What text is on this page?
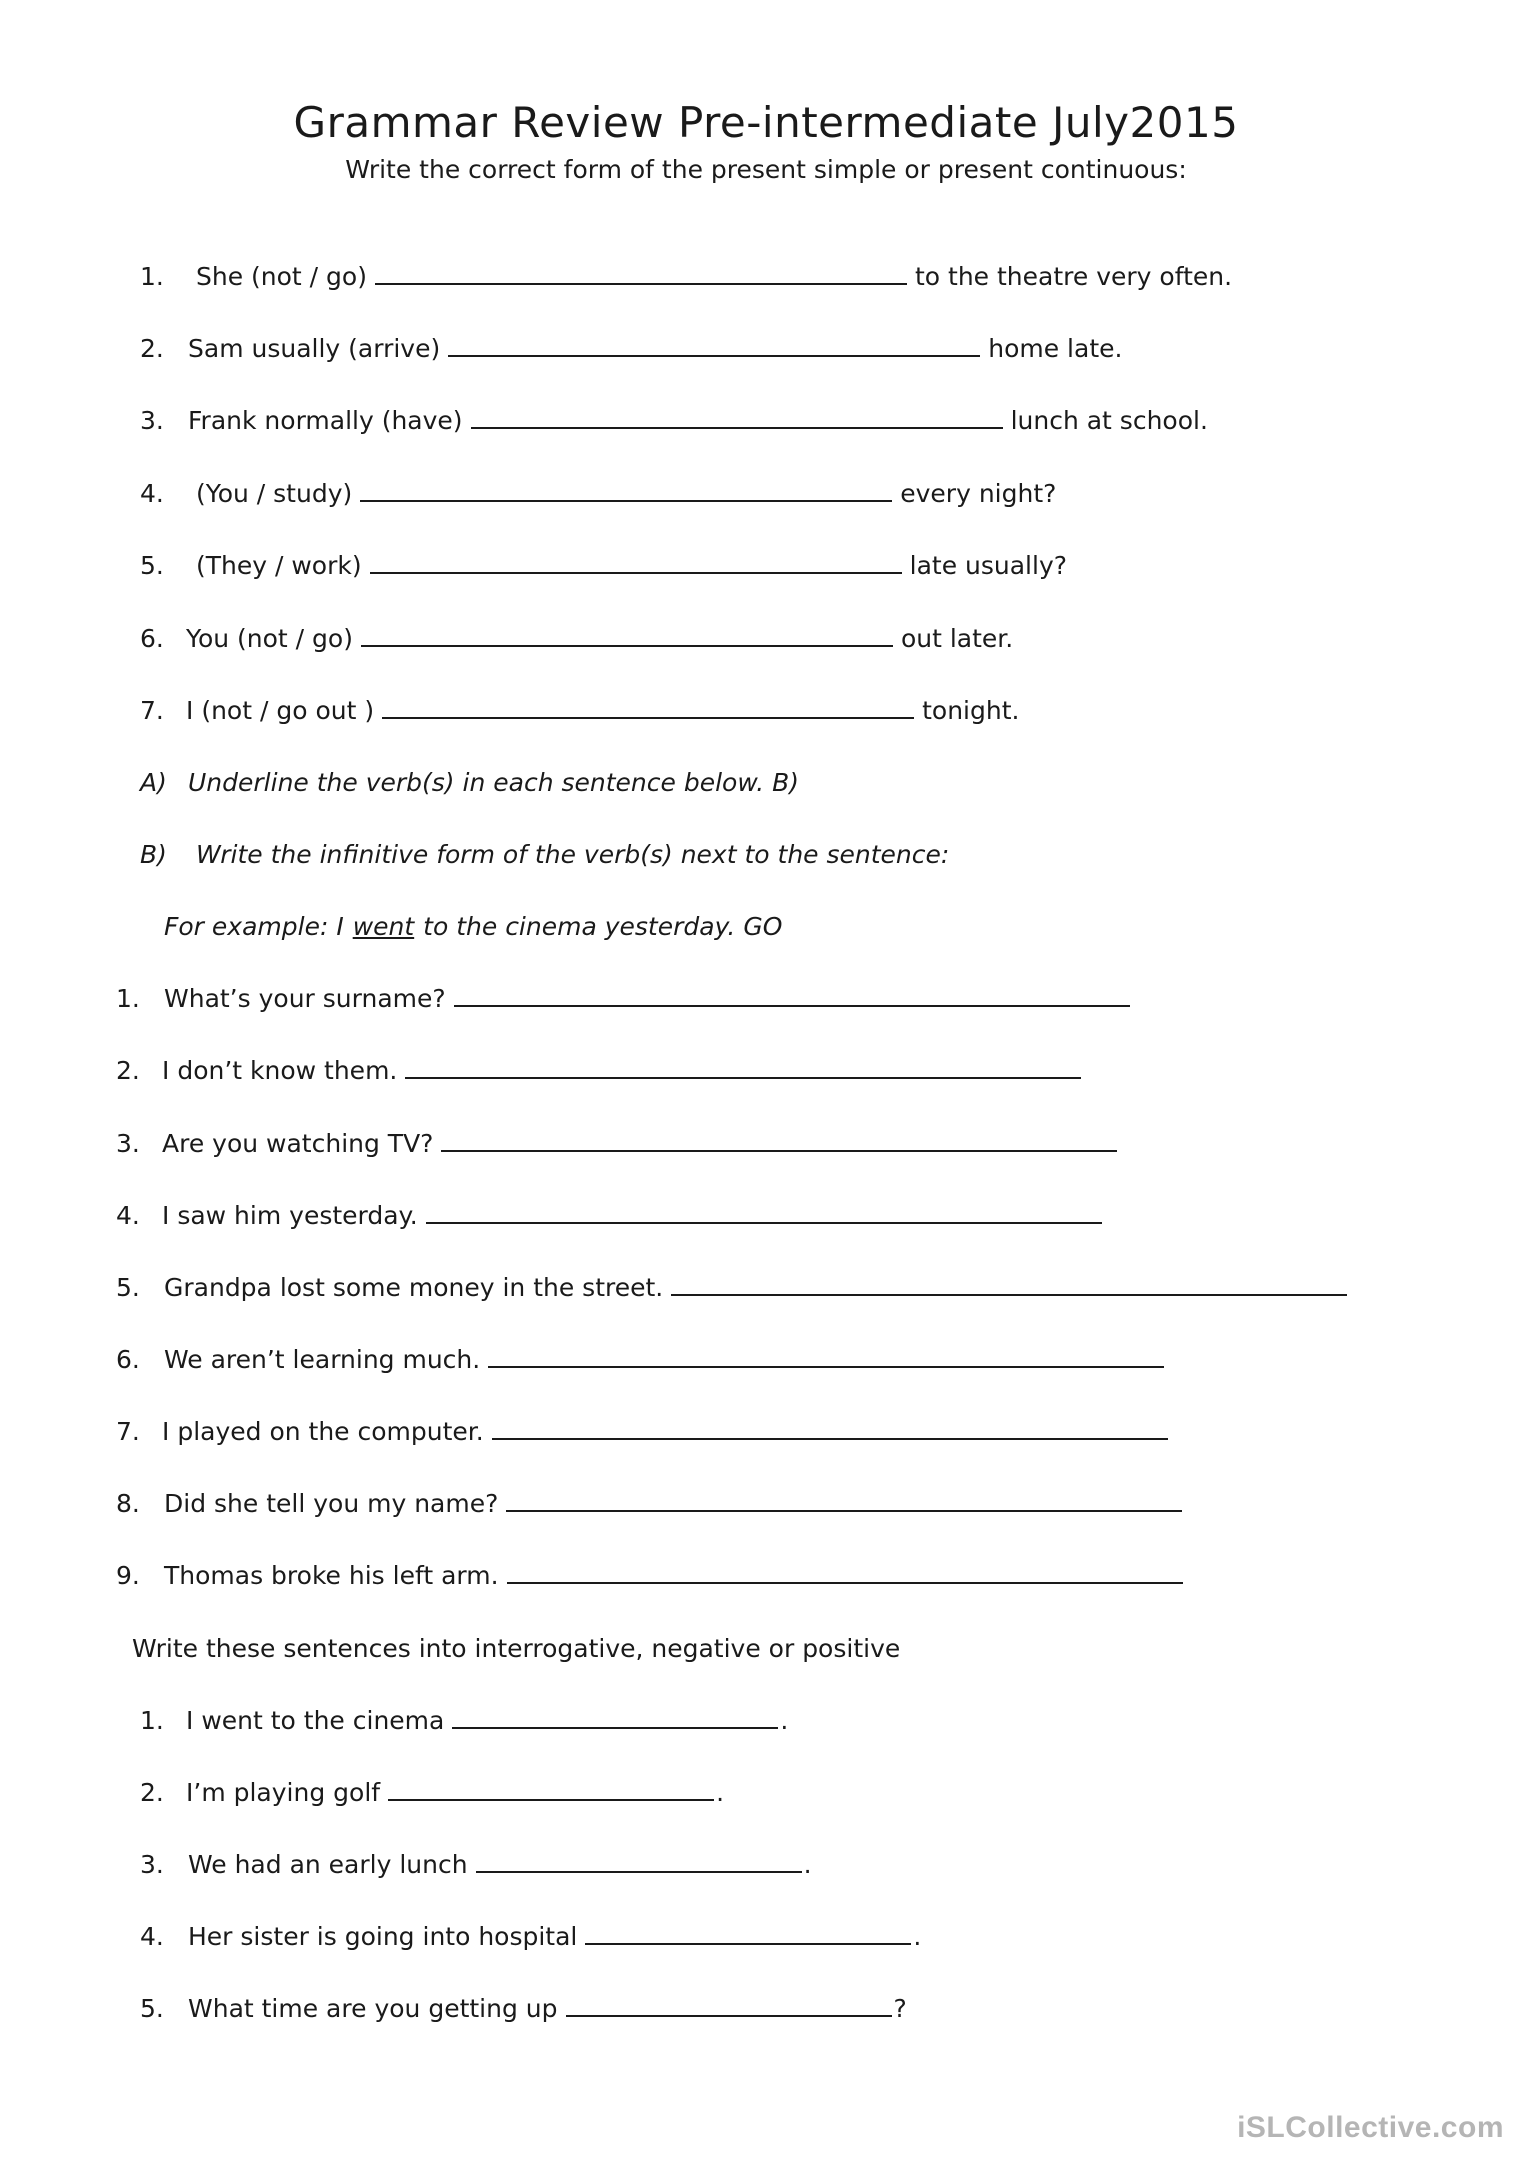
Grammar Review Pre-intermediate July2015
Write the correct form of the present simple or present continuous:
1.	She (not / go)	to the theatre very often.
2. Sam usually (arrive)	home late.
3. Frank normally (have)	lunch at school.
4.	(You / study)	every night?
5.	(They / work)	late usually?
6. You (not / go)	out later.
7. I (not / go out )	tonight.
A) Underline the verb(s) in each sentence below. B)
B)	Write the infinitive form of the verb(s) next to the sentence:
For example: I went to the cinema yesterday. GO
1. What’s your surname?
2. I don’t know them.
3. Are you watching TV?
4. I saw him yesterday.
5. Grandpa lost some money in the street.
6. We aren’t learning much.
7. I played on the computer.
8. Did she tell you my name?
9. Thomas broke his left arm.
Write these sentences into interrogative, negative or positive
1. I went to the cinema	.
2. I’m playing golf	.
3. We had an early lunch	.
4. Her sister is going into hospital	.
5. What time are you getting up	?
iSLCollective.com
